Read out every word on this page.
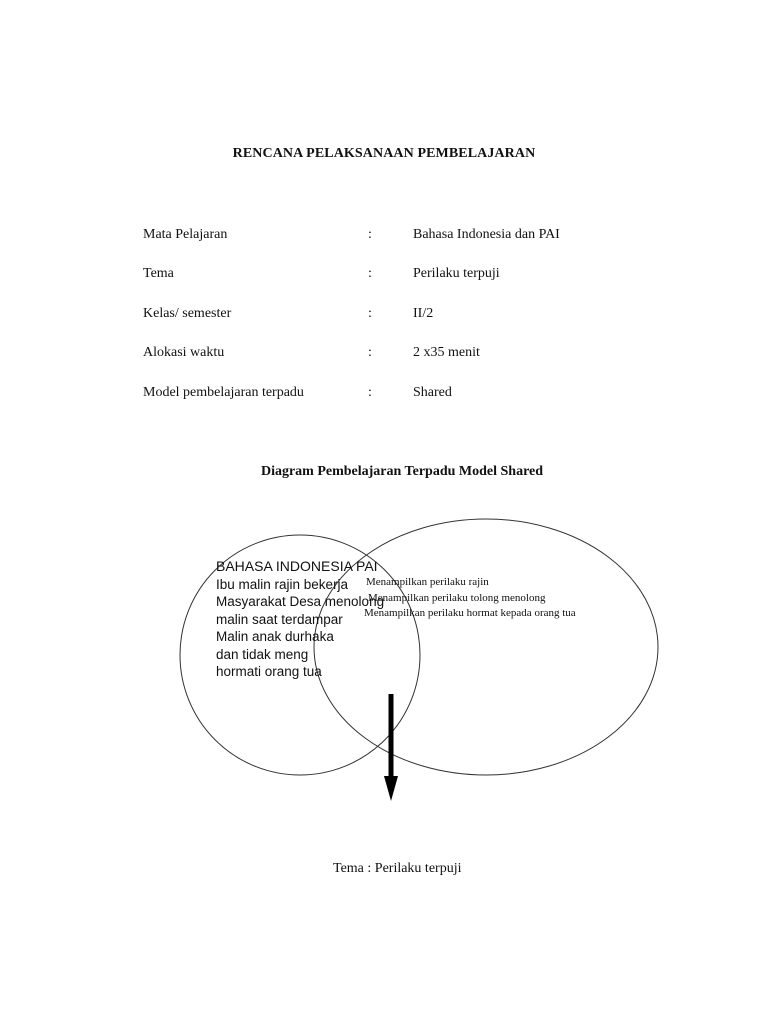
RENCANA PELAKSANAAN PEMBELAJARAN
Mata Pelajaran	:	Bahasa Indonesia dan PAI
Tema	:	Perilaku terpuji
Kelas/ semester	:	II/2
Alokasi waktu	:	2 x35 menit
Model pembelajaran terpadu	:	Shared
Diagram Pembelajaran Terpadu Model Shared
BAHASA INDONESIA PAI
Ibu malin rajin bekerja
Masyarakat Desa menolong
malin saat terdampar
Malin anak durhaka
dan tidak meng
hormati orang tua
Menampilkan perilaku rajin
Menampilkan perilaku tolong menolong
Menampilkan perilaku hormat kepada orang tua
Tema : Perilaku terpuji
